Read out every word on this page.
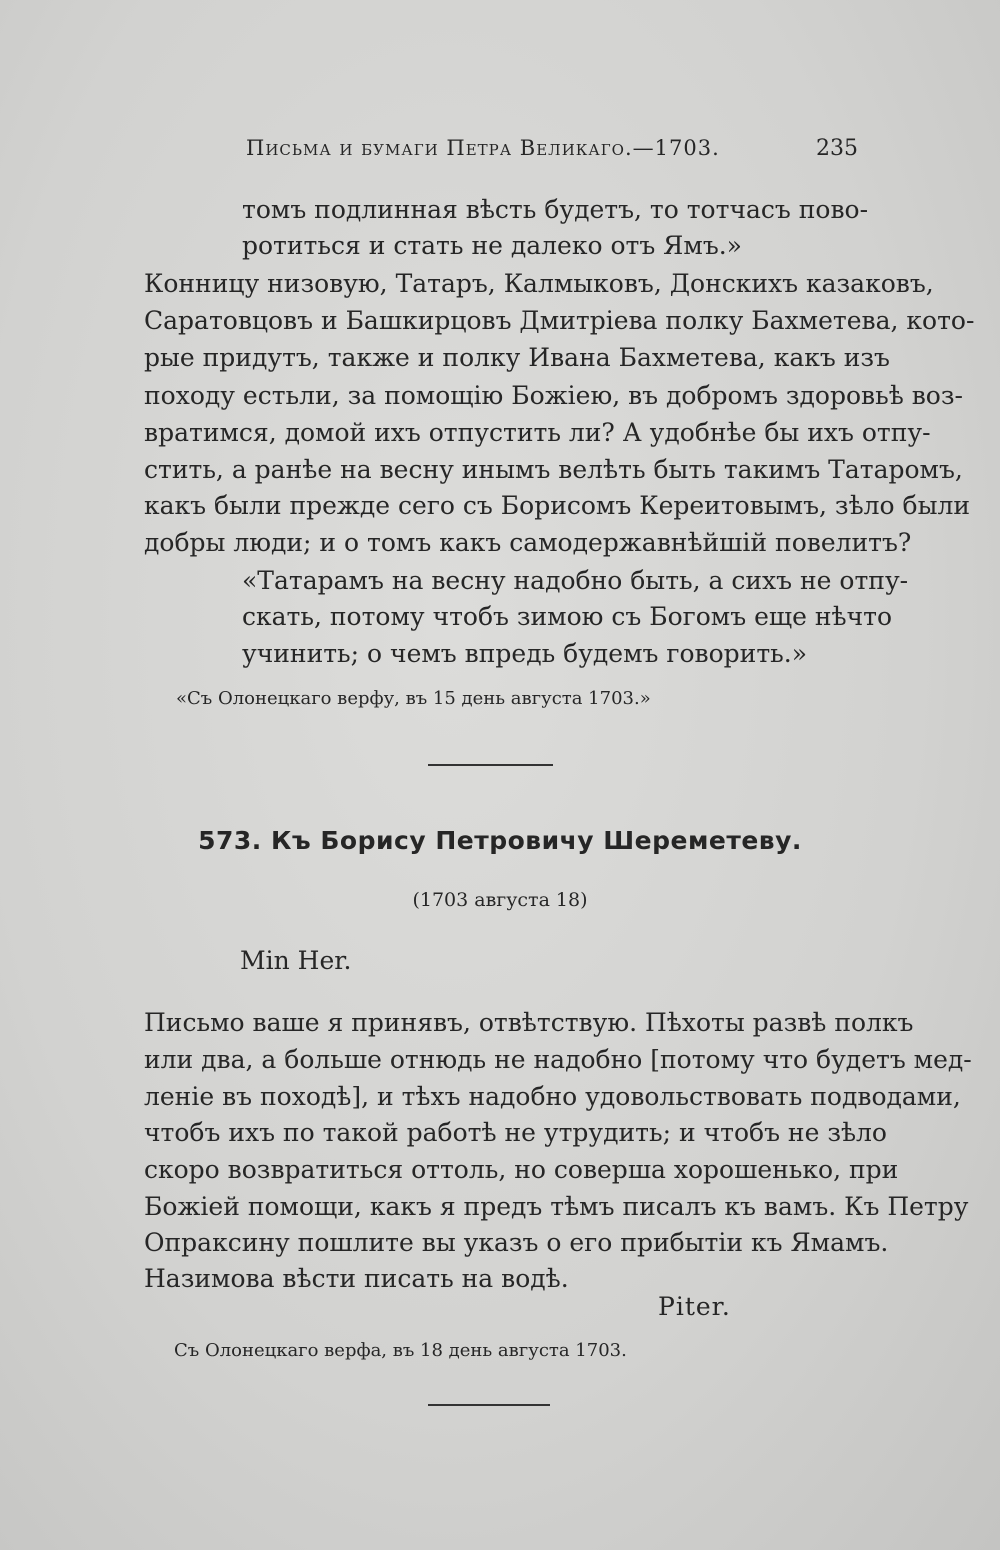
Письма и бумаги Петра Великаго.—1703.	235
томъ подлинная вѣсть будетъ, то тотчасъ пово-
ротиться и стать не далеко отъ Ямъ.»
Конницу низовую, Татаръ, Калмыковъ, Донскихъ казаковъ,
Саратовцовъ и Башкирцовъ Дмитріева полку Бахметева, кото-
рые придутъ, также и полку Ивана Бахметева, какъ изъ
походу естьли, за помощію Божіею, въ добромъ здоровьѣ воз-
вратимся, домой ихъ отпустить ли? А удобнѣе бы ихъ отпу-
стить, а ранѣе на весну инымъ велѣть быть такимъ Татаромъ,
какъ были прежде сего съ Борисомъ Кереитовымъ, зѣло были
добры люди; и о томъ какъ самодержавнѣйшій повелитъ?
«Татарамъ на весну надобно быть, а сихъ не отпу-
скать, потому чтобъ зимою съ Богомъ еще нѣчто
учинить; о чемъ впредь будемъ говорить.»
«Съ Олонецкаго верфу, въ 15 день августа 1703.»
573. Къ Борису Петровичу Шереметеву.
(1703 августа 18)
Min Her.
Письмо ваше я принявъ, отвѣтствую. Пѣхоты развѣ полкъ
или два, а больше отнюдь не надобно [потому что будетъ мед-
леніе въ походѣ], и тѣхъ надобно удовольствовать подводами,
чтобъ ихъ по такой работѣ не утрудить; и чтобъ не зѣло
скоро возвратиться оттоль, но соверша хорошенько, при
Божіей помощи, какъ я предъ тѣмъ писалъ къ вамъ. Къ Петру
Опраксину пошлите вы указъ о его прибытіи къ Ямамъ.
Назимова вѣсти писать на водѣ.
Piter.
Съ Олонецкаго верфа, въ 18 день августа 1703.
